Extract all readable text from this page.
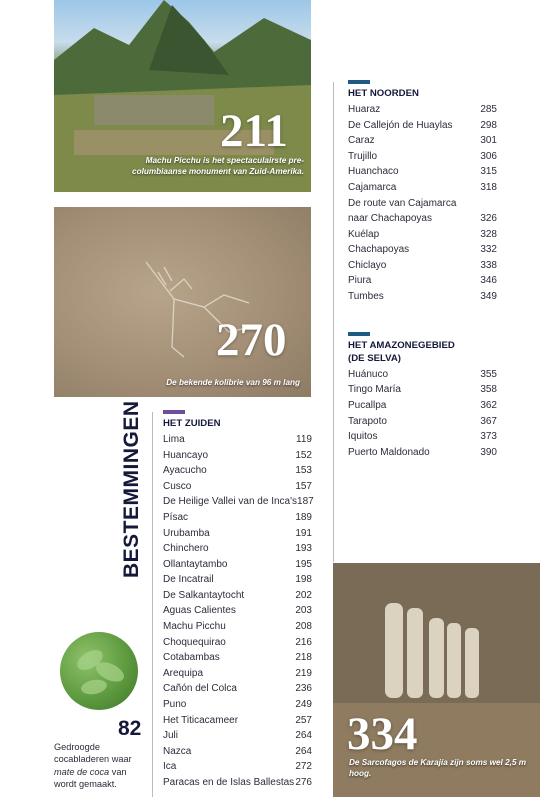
211
Machu Picchu is het spectaculairste pre-columbiaanse monument van Zuid-Amerika.
270
De bekende kolibrie van 96 m lang
334
De Sarcofagos de Karajía zijn soms wel 2,5 m hoog.
HET NOORDEN
Huaraz	285
De Callejón de Huaylas	298
Caraz	301
Trujillo	306
Huanchaco	315
Cajamarca	318
De route van Cajamarca
naar Chachapoyas	326
Kuélap	328
Chachapoyas	332
Chiclayo	338
Piura	346
Tumbes	349
HET AMAZONEGEBIED
(DE SELVA)
Huánuco	355
Tingo María	358
Pucallpa	362
Tarapoto	367
Iquitos	373
Puerto Maldonado	390
HET ZUIDEN
Lima	119
Huancayo	152
Ayacucho	153
Cusco	157
De Heilige Vallei van de Inca's 187
Písac	189
Urubamba	191
Chinchero	193
Ollantaytambo	195
De Incatrail	198
De Salkantaytocht	202
Aguas Calientes	203
Machu Picchu	208
Choquequirao	216
Cotabambas	218
Arequipa	219
Cañón del Colca	236
Puno	249
Het Titicacameer	257
Juli	264
Nazca	264
Ica	272
Paracas en de Islas Ballestas 276
BESTEMMINGEN
82
Gedroogde cocabladeren waar mate de coca van wordt gemaakt.
